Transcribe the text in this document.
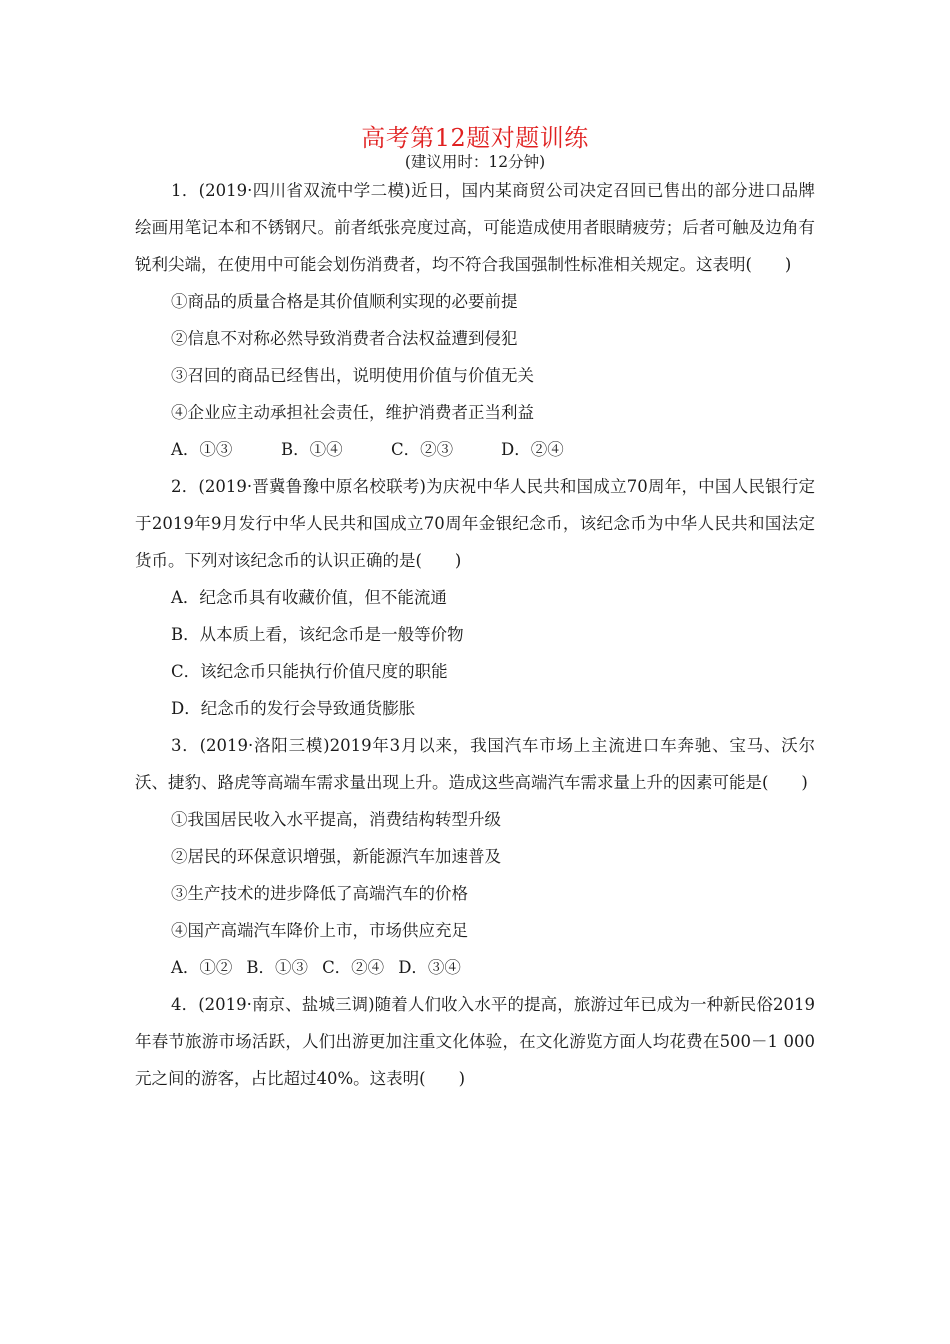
高考第12题对题训练
(建议用时：12分钟)
1．(2019·四川省双流中学二模)近日，国内某商贸公司决定召回已售出的部分进口品牌绘画用笔记本和不锈钢尺。前者纸张亮度过高，可能造成使用者眼睛疲劳；后者可触及边角有锐利尖端，在使用中可能会划伤消费者，均不符合我国强制性标准相关规定。这表明(　　)
①商品的质量合格是其价值顺利实现的必要前提
②信息不对称必然导致消费者合法权益遭到侵犯
③召回的商品已经售出，说明使用价值与价值无关
④企业应主动承担社会责任，维护消费者正当利益
A．①③	B．①④	C．②③	D．②④
2．(2019·晋冀鲁豫中原名校联考)为庆祝中华人民共和国成立70周年，中国人民银行定于2019年9月发行中华人民共和国成立70周年金银纪念币，该纪念币为中华人民共和国法定货币。下列对该纪念币的认识正确的是(　　)
A．纪念币具有收藏价值，但不能流通
B．从本质上看，该纪念币是一般等价物
C．该纪念币只能执行价值尺度的职能
D．纪念币的发行会导致通货膨胀
3．(2019·洛阳三模)2019年3月以来，我国汽车市场上主流进口车奔驰、宝马、沃尔沃、捷豹、路虎等高端车需求量出现上升。造成这些高端汽车需求量上升的因素可能是(　　)
①我国居民收入水平提高，消费结构转型升级
②居民的环保意识增强，新能源汽车加速普及
③生产技术的进步降低了高端汽车的价格
④国产高端汽车降价上市，市场供应充足
A．①② B．①③ C．②④ D．③④
4．(2019·南京、盐城三调)随着人们收入水平的提高，旅游过年已成为一种新民俗2019年春节旅游市场活跃，人们出游更加注重文化体验，在文化游览方面人均花费在500－1 000元之间的游客，占比超过40%。这表明(　　)
